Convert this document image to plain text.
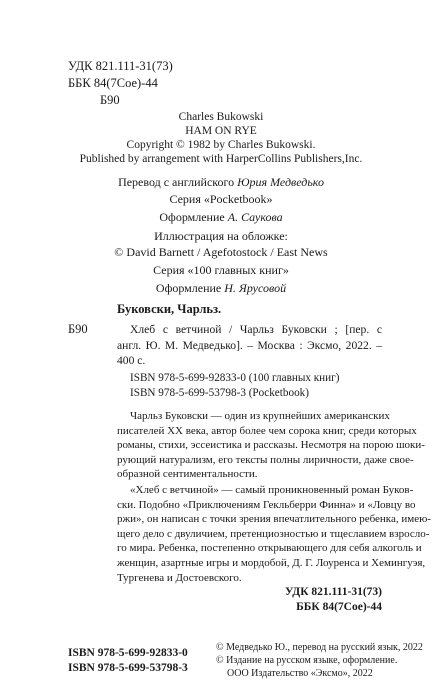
УДК 821.111-31(73)
ББК 84(7Сое)-44
Б90
Charles Bukowski
HAM ON RYE
Copyright © 1982 by Charles Bukowski.
Published by arrangement with HarperCollins Publishers,Inc.
Перевод с английского Юрия Медведько
Серия «Pocketbook»
Оформление А. Саукова
Иллюстрация на обложке:
© David Barnett / Agefotostock / East News
Серия «100 главных книг»
Оформление Н. Ярусовой
Буковски, Чарльз.
Б90	Хлеб с ветчиной / Чарльз Буковски ; [пер. с
англ. Ю. М. Медведько]. – Москва : Эксмо, 2022. –
400 с.
ISBN 978-5-699-92833-0 (100 главных книг)
ISBN 978-5-699-53798-3 (Pocketbook)
Чарльз Буковски — один из крупнейших американских
писателей XX века, автор более чем сорока книг, среди которых
романы, стихи, эссеистика и рассказы. Несмотря на порою шоки-
рующий натурализм, его тексты полны лиричности, даже свое-
образной сентиментальности.
«Хлеб с ветчиной» — самый проникновенный роман Буков-
ски. Подобно «Приключениям Гекльберри Финна» и «Ловцу во
ржи», он написан с точки зрения впечатлительного ребенка, имею-
щего дело с двуличием, претенциозностью и тщеславием взросло-
го мира. Ребенка, постепенно открывающего для себя алкоголь и
женщин, азартные игры и мордобой, Д. Г. Лоуренса и Хемингуэя,
Тургенева и Достоевского.
УДК 821.111-31(73)
ББК 84(7Сое)-44
ISBN 978-5-699-92833-0
ISBN 978-5-699-53798-3
© Медведько Ю., перевод на русский язык, 2022
© Издание на русском языке, оформление.
ООО Издательство «Эксмо», 2022
